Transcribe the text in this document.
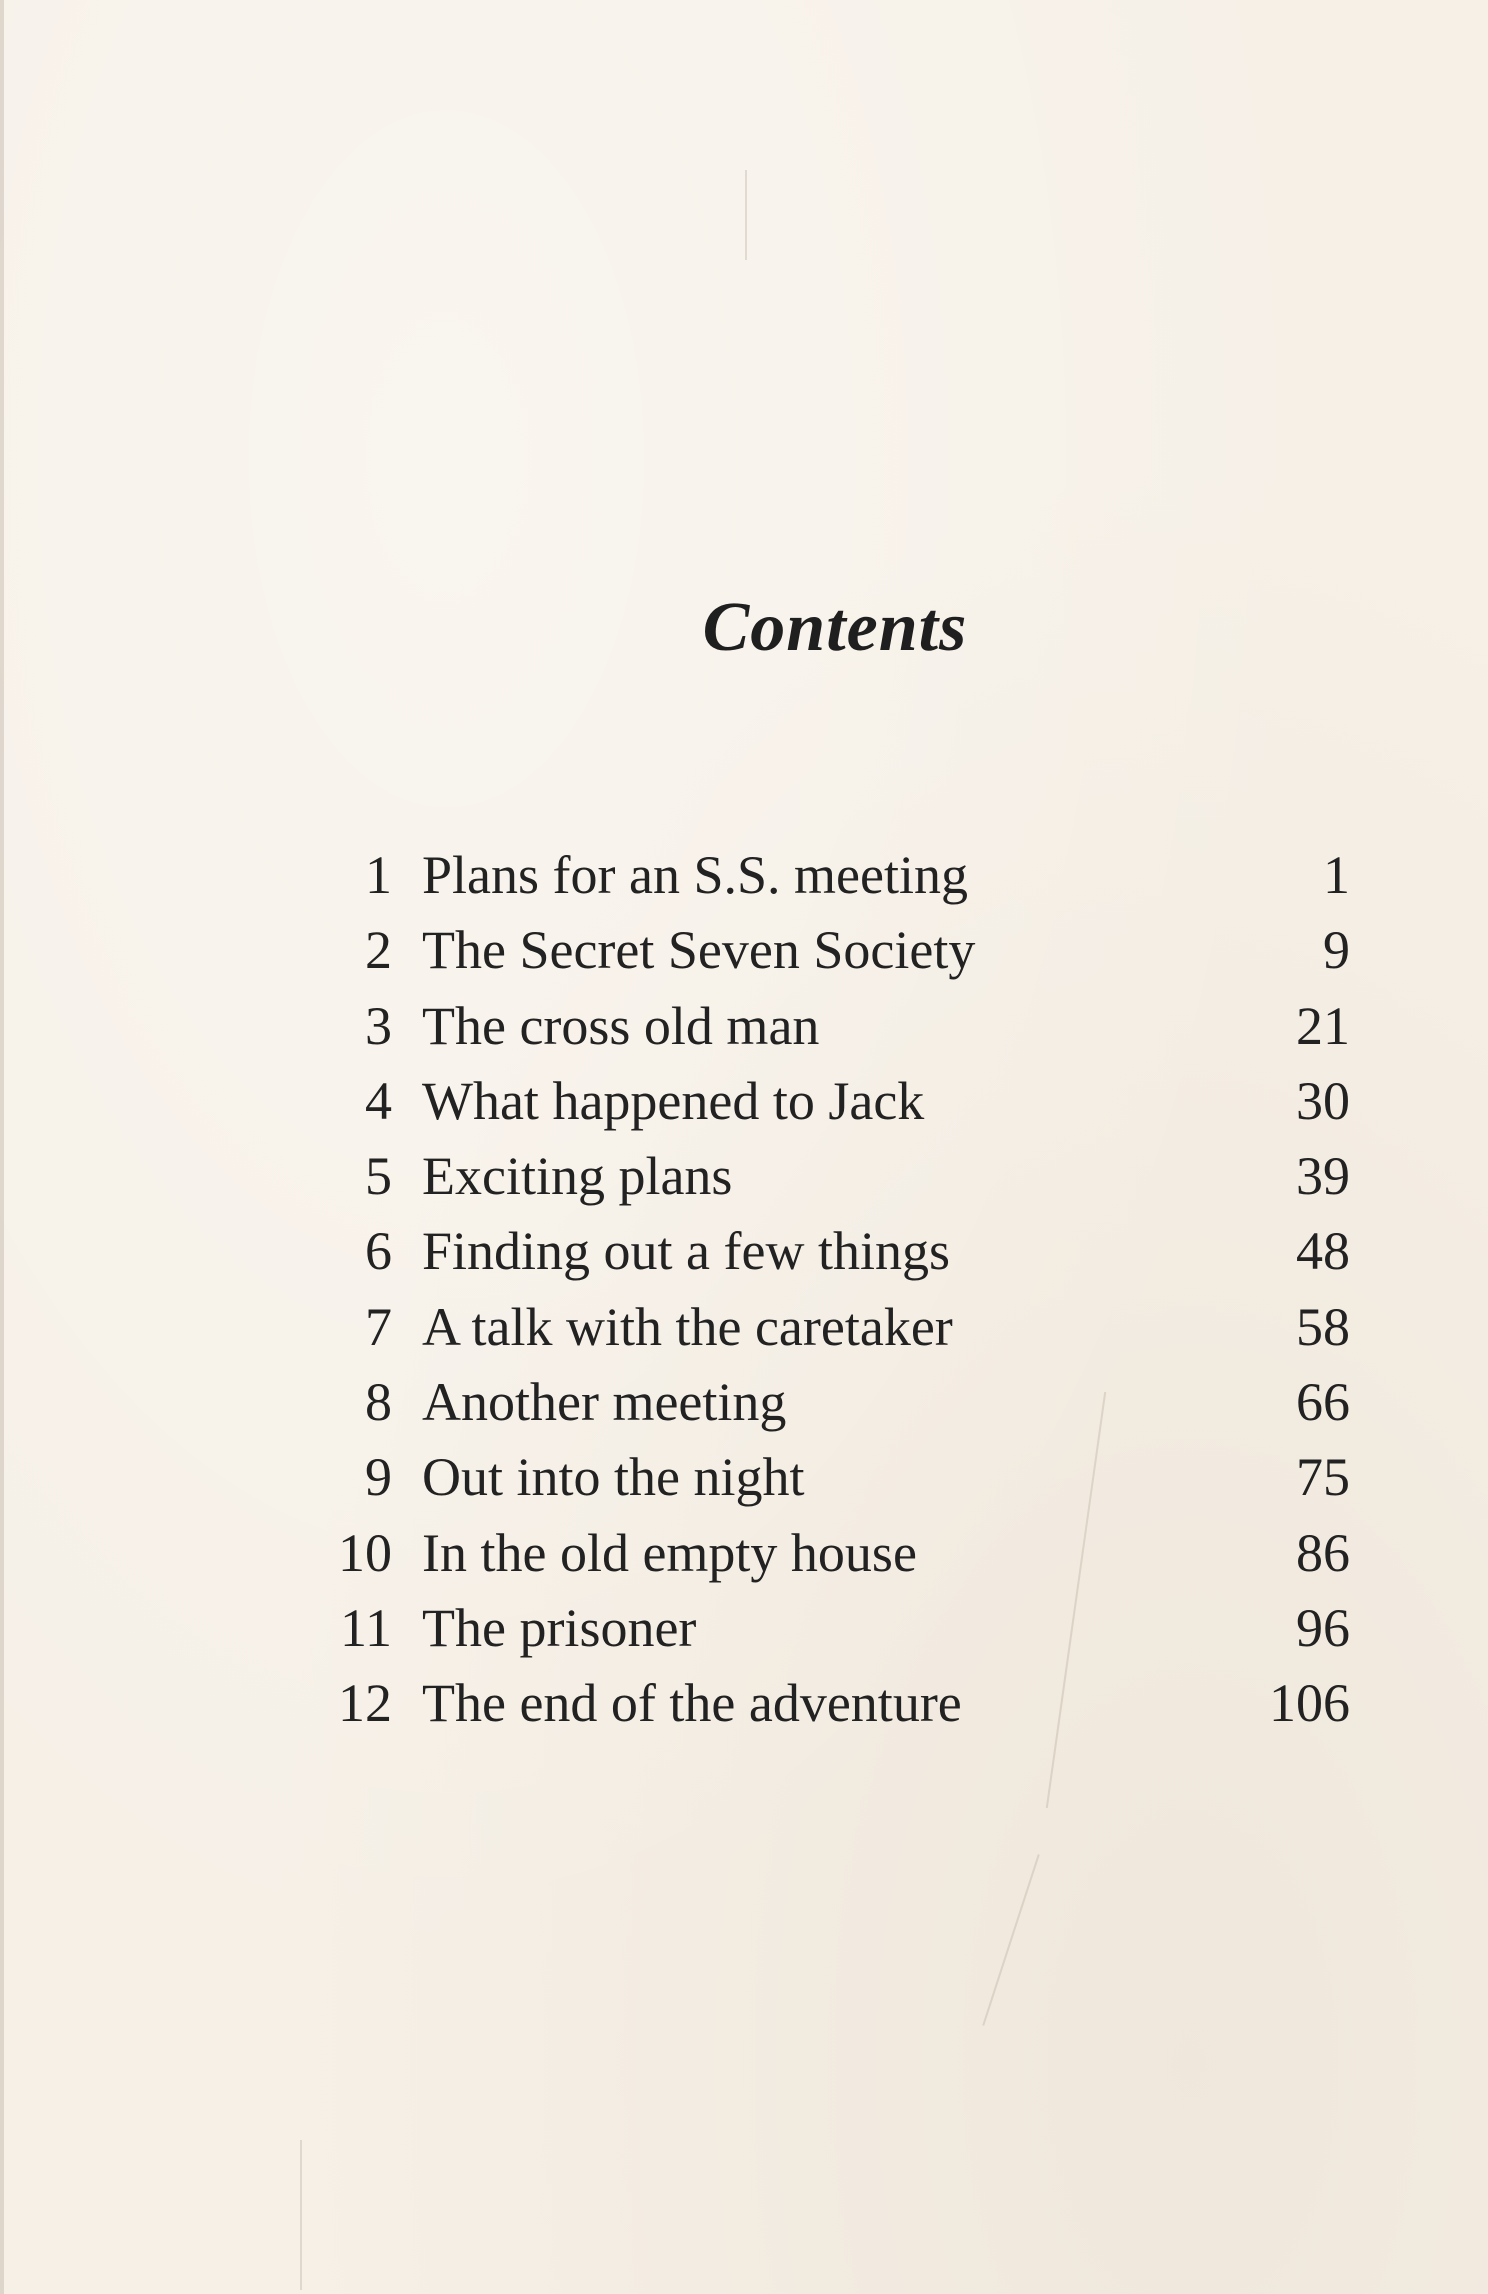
Contents
1 Plans for an S.S. meeting	1
2 The Secret Seven Society	9
3 The cross old man	21
4 What happened to Jack	30
5 Exciting plans	39
6 Finding out a few things	48
7 A talk with the caretaker	58
8 Another meeting	66
9 Out into the night	75
10 In the old empty house	86
11 The prisoner	96
12 The end of the adventure	106
